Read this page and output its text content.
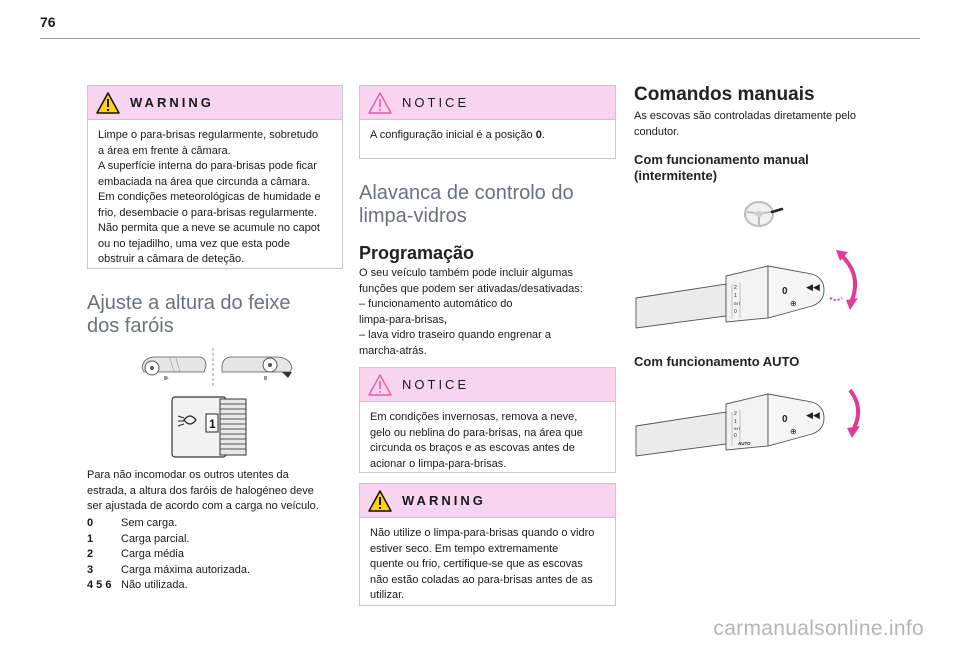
76
WARNING

Limpe o para-brisas regularmente, sobretudo

a área em frente à câmara.

A superfície interna do para-brisas pode ficar

embaciada na área que circunda a câmara.

Em condições meteorológicas de humidade e

frio, desembacie o para-brisas regularmente.

Não permita que a neve se acumule no capot

ou no tejadilho, uma vez que esta pode

obstruir a câmara de deteção.

Ajuste a altura do feixe
dos faróis
⇣
1

Para não incomodar os outros utentes da

estrada, a altura dos faróis de halogéneo deve

ser ajustada de acordo com a carga no veículo.

0	Sem carga.
1	Carga parcial.
2	Carga média
3	Carga máxima autorizada.
4 5 6 Não utilizada.
NOTICE

A configuração inicial é a posição 0.

Alavanca de controlo do
limpa-vidros
Programação

O seu veículo também pode incluir algumas

funções que podem ser ativadas/desativadas:

– funcionamento automático do

limpa-para-brisas,

– lava vidro traseiro quando engrenar a

marcha-atrás.

NOTICE

Em condições invernosas, remova a neve,

gelo ou neblina do para-brisas, na área que

circunda os braços e as escovas antes de

acionar o limpa-para-brisas.

WARNING

Não utilize o limpa-para-brisas quando o vidro

estiver seco. Em tempo extremamente

quente ou frio, certifique-se que as escovas

não estão coladas ao para-brisas antes de as

utilizar.

Comandos manuais

As escovas são controladas diretamente pelo

condutor.

Com funcionamento manual
(intermitente)
2
1
INT
0
0 ◀◀
⊕
Com funcionamento AUTO
2
1
INT
0
AUTO
0 ◀◀
⊕
carmanualsonline.info
